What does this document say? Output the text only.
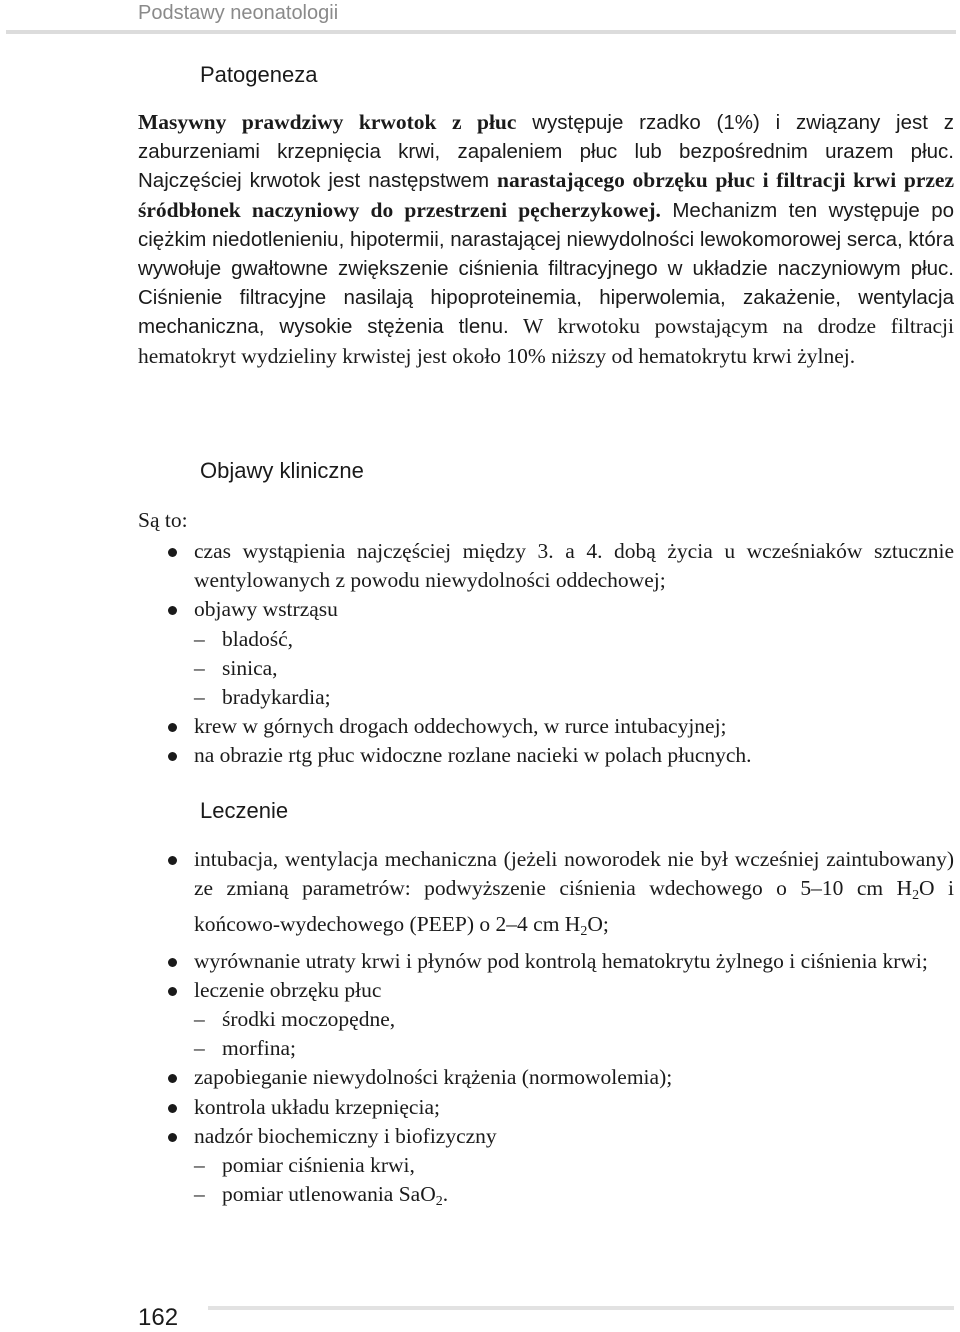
Podstawy neonatologii
Patogeneza

Masywny prawdziwy krwotok z płuc występuje rzadko (1%) i związany jest z zaburzeniami krzepnięcia krwi, zapaleniem płuc lub bezpośrednim urazem płuc. Najczęściej krwotok jest następstwem narastającego obrzęku płuc i filtracji krwi przez śródbłonek naczyniowy do przestrzeni pęcherzykowej. Mechanizm ten występuje po ciężkim niedotlenieniu, hipotermii, narastającej niewydolności lewokomorowej serca, która wywołuje gwałtowne zwiększenie ciśnienia filtracyjnego w układzie naczyniowym płuc. Ciśnienie filtracyjne nasilają hipoproteinemia, hiperwolemia, zakażenie, wentylacja mechaniczna, wysokie stężenia tlenu. W krwotoku powstającym na drodze filtracji hematokryt wydzieliny krwistej jest około 10% niższy od hematokrytu krwi żylnej.

Objawy kliniczne
Są to:
czas wystąpienia najczęściej między 3. a 4. dobą życia u wcześniaków sztucznie wentylowanych z powodu niewydolności oddechowej;
objawy wstrząsu
– bladość,
– sinica,
– bradykardia;
krew w górnych drogach oddechowych, w rurce intubacyjnej;
na obrazie rtg płuc widoczne rozlane nacieki w polach płucnych.
Leczenie
intubacja, wentylacja mechaniczna (jeżeli noworodek nie był wcześniej zaintubowany) ze zmianą parametrów: podwyższenie ciśnienia wdechowego o 5–10 cm $H_2O$ i końcowo-wydechowego (PEEP) o 2–4 cm $H_2O$;
wyrównanie utraty krwi i płynów pod kontrolą hematokrytu żylnego i ciśnienia krwi;
leczenie obrzęku płuc
– środki moczopędne,
– morfina;
zapobieganie niewydolności krążenia (normowolemia);
kontrola układu krzepnięcia;
nadzór biochemiczny i biofizyczny
– pomiar ciśnienia krwi,
– pomiar utlenowania SaO$_2$.
162
